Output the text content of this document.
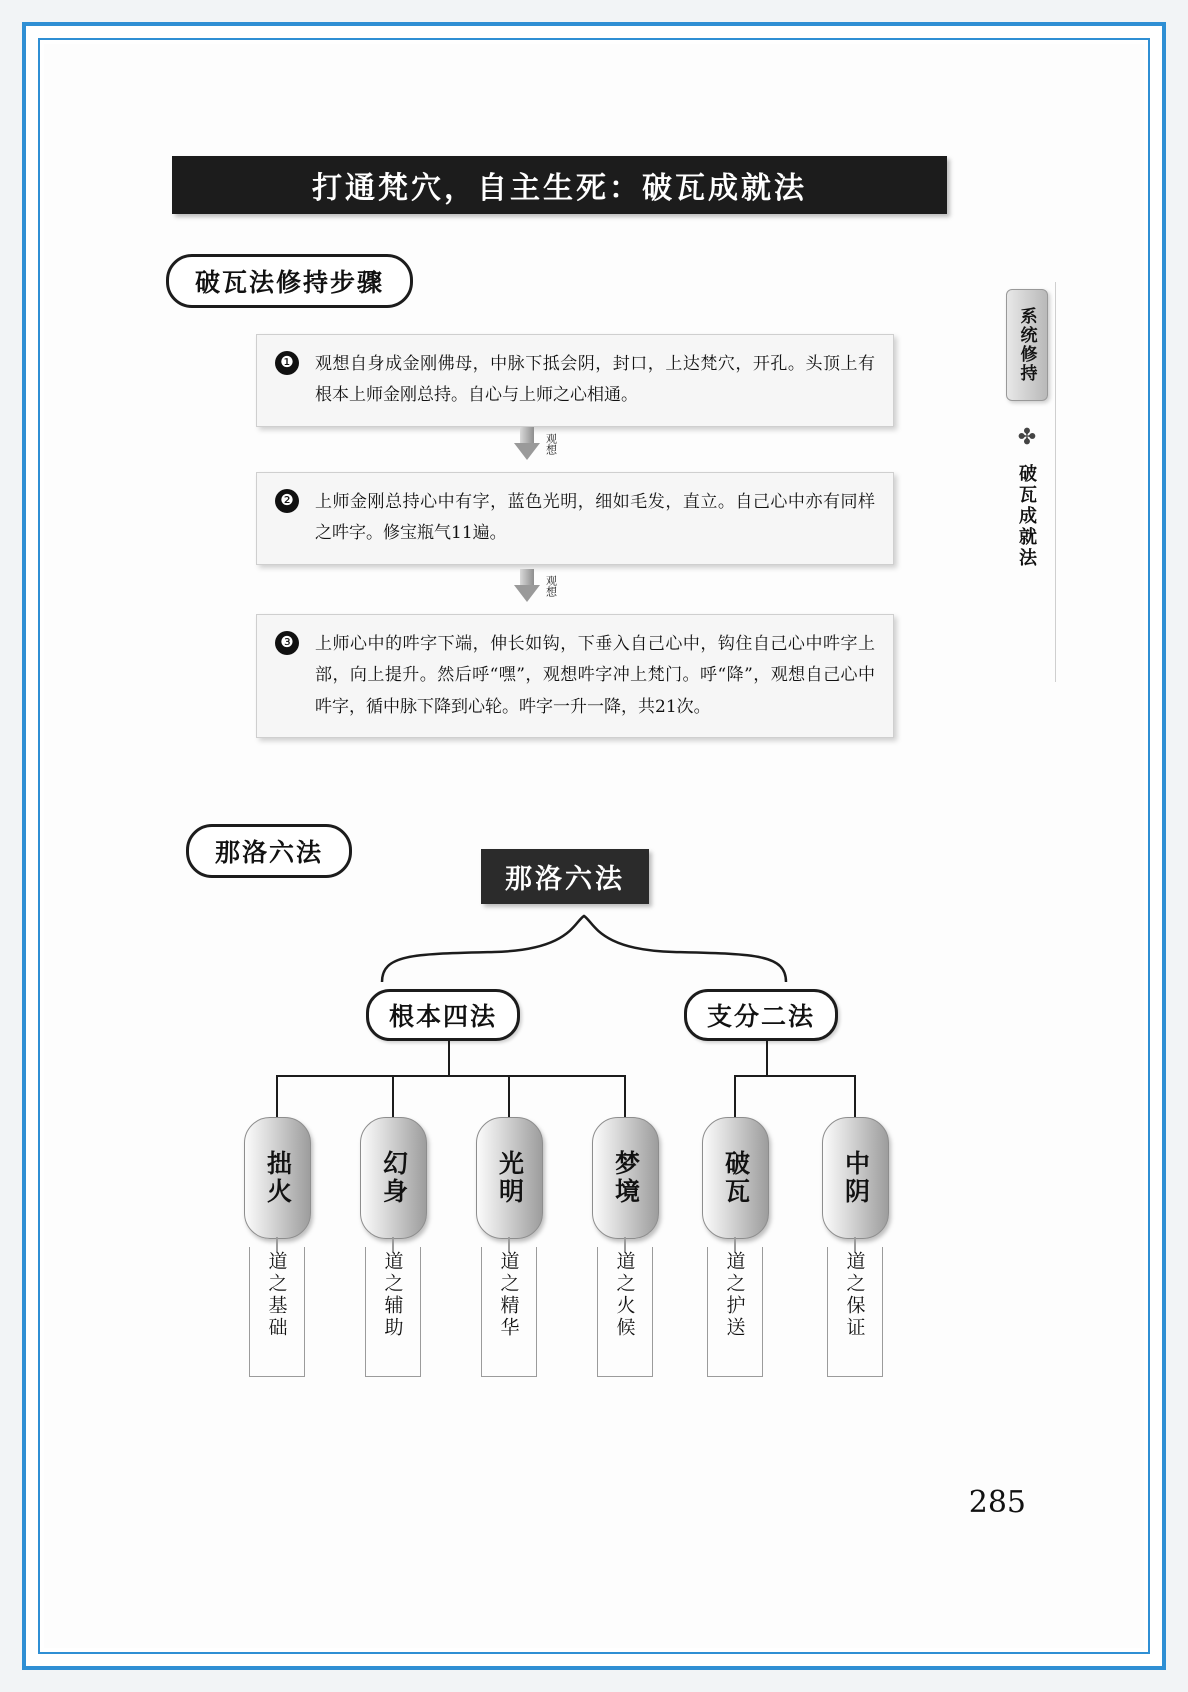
打通梵穴，自主生死：破瓦成就法
破瓦法修持步骤
❶	观想自身成金刚佛母，中脉下抵会阴，封口，上达梵穴，开孔。头顶上有根本上师金刚总持。自心与上师之心相通。
观想
❷	上师金刚总持心中有字，蓝色光明，细如毛发，直立。自己心中亦有同样之吽字。修宝瓶气11遍。
观想
❸	上师心中的吽字下端，伸长如钩，下垂入自己心中，钩住自己心中吽字上部，向上提升。然后呼“嘿”，观想吽字冲上梵门。呼“降”，观想自己心中吽字，循中脉下降到心轮。吽字一升一降，共21次。
系统修持
✤
破瓦成就法
那洛六法
那洛六法
根本四法	支分二法
拙火	幻身	光明	梦境	破瓦	中阴
道之基础	道之辅助	道之精华	道之火候	道之护送	道之保证
285
